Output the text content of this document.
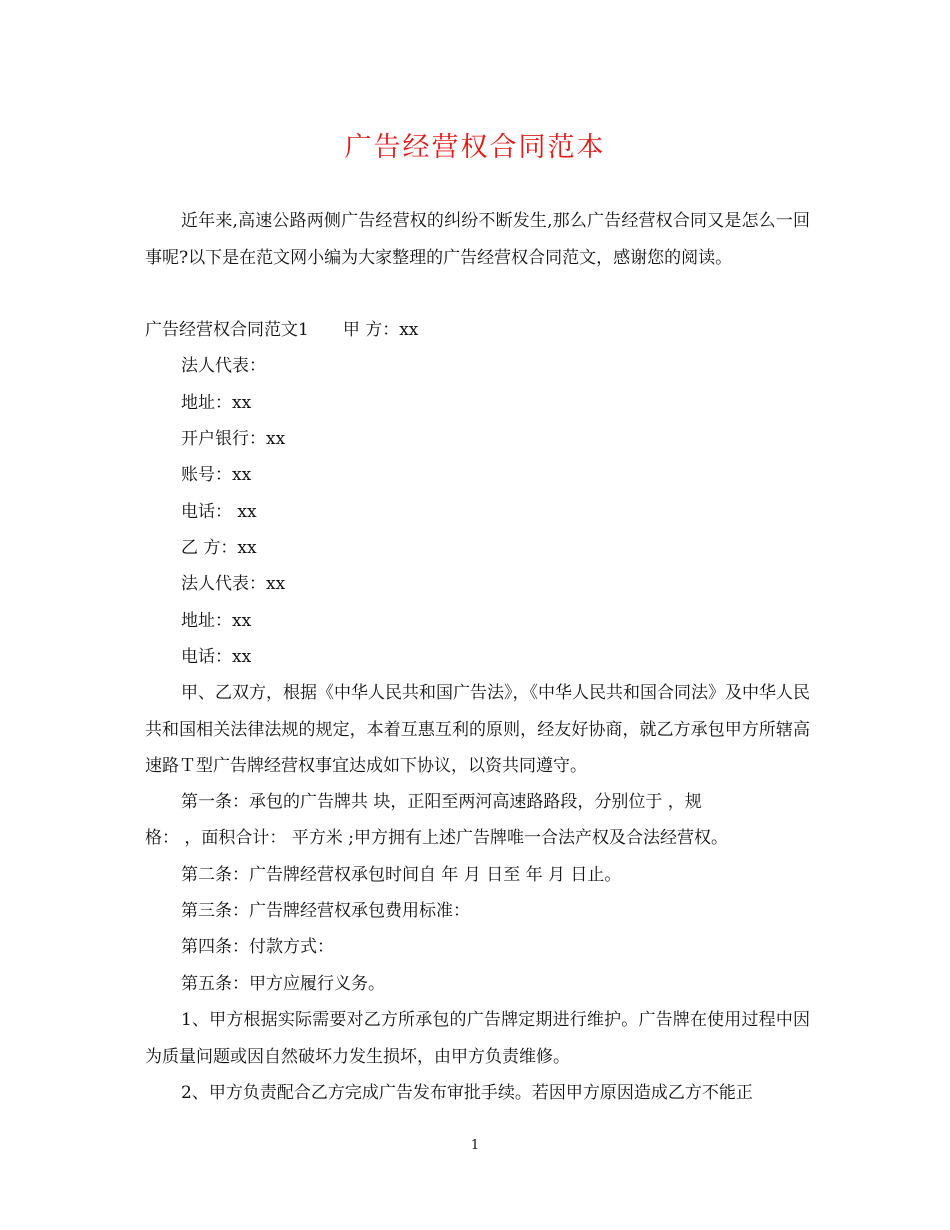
广告经营权合同范本
近年来,高速公路两侧广告经营权的纠纷不断发生,那么广告经营权合同又是怎么一回事呢?以下是在范文网小编为大家整理的广告经营权合同范文，感谢您的阅读。
广告经营权合同范文1　　甲 方：xx
法人代表：
地址：xx
开户银行：xx
账号：xx
电话： xx
乙 方：xx
法人代表：xx
地址：xx
电话：xx
甲、乙双方，根据《中华人民共和国广告法》，《中华人民共和国合同法》及中华人民共和国相关法律法规的规定，本着互惠互利的原则，经友好协商，就乙方承包甲方所辖高速路Ｔ型广告牌经营权事宜达成如下协议，以资共同遵守。
第一条：承包的广告牌共 块，正阳至两河高速路路段，分别位于 ，规
格： ，面积合计： 平方米 ;甲方拥有上述广告牌唯一合法产权及合法经营权。
第二条：广告牌经营权承包时间自 年 月 日至 年 月 日止。
第三条：广告牌经营权承包费用标准：
第四条：付款方式：
第五条：甲方应履行义务。
1、甲方根据实际需要对乙方所承包的广告牌定期进行维护。广告牌在使用过程中因为质量问题或因自然破坏力发生损坏，由甲方负责维修。
2、甲方负责配合乙方完成广告发布审批手续。若因甲方原因造成乙方不能正
1
